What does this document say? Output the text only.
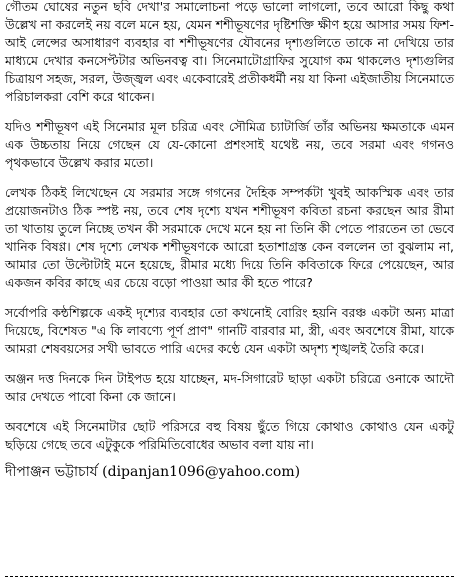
গৌতম ঘোষের নতুন ছবি দেখা'র সমালোচনা পড়ে ভালো লাগলো, তবে আরো কিছু কথা উল্লেখ না করলেই নয় বলে মনে হয়, যেমন শশীভূষণের দৃষ্টিশক্তি ক্ষীণ হয়ে আসার সময় ফিশ-আই লেন্সের অসাধারণ ব্যবহার বা শশীভূষণের যৌবনের দৃশ্যগুলিতে তাকে না দেখিয়ে তার মাধ্যমে দেখার কনসেপ্টটার অভিনবত্ব বা। সিনেমাটোগ্রাফির সুযোগ কম থাকলেও দৃশ্যগুলির চিত্রায়ণ সহজ, সরল, উজ্জ্বল এবং একেবারেই প্রতীকধর্মী নয় যা কিনা এইজাতীয় সিনেমাতে পরিচালকরা বেশি করে থাকেন।

যদিও শশীভূষণ এই সিনেমার মূল চরিত্র এবং সৌমিত্র চ্যাটার্জি তাঁর অভিনয় ক্ষমতাকে এমন এক উচ্চতায় নিয়ে গেছেন যে যে-কোনো প্রশংসাই যথেষ্ট নয়, তবে সরমা এবং গগনও পৃথকভাবে উল্লেখ করার মতো।

লেখক ঠিকই লিখেছেন যে সরমার সঙ্গে গগনের দৈহিক সম্পর্কটা খুবই আকস্মিক এবং তার প্রয়োজনটাও ঠিক স্পষ্ট নয়, তবে শেষ দৃশ্যে যখন শশীভূষণ কবিতা রচনা করছেন আর রীমা তা খাতায় তুলে নিচ্ছে তখন কী সরমাকে দেখে মনে হয় না তিনি কী পেতে পারতেন তা ভেবে খানিক বিষণ্ণ। শেষ দৃশ্যে লেখক শশীভূষণকে আরো হতাশাগ্রস্ত কেন বললেন তা বুঝলাম না, আমার তো উল্টোটাই মনে হয়েছে, রীমার মধ্যে দিয়ে তিনি কবিতাকে ফিরে পেয়েছেন, আর একজন কবির কাছে এর চেয়ে বড়ো পাওয়া আর কী হতে পারে?

সর্বোপরি কন্ঠশিল্পকে একই দৃশ্যের ব্যবহার তো কখনোই বোরিং হয়নি বরঞ্চ একটা অন্য মাত্রা দিয়েছে, বিশেষত "এ কি লাবণ্যে পূর্ণ প্রাণ" গানটি বারবার মা, স্ত্রী, এবং অবশেষে রীমা, যাকে আমরা শেষবয়সের সখী ভাবতে পারি এদের কণ্ঠে যেন একটা অদৃশ্য শৃঙ্খলই তৈরি করে।

অঞ্জন দত্ত দিনকে দিন টাইপড হয়ে যাচ্ছেন, মদ-সিগারেট ছাড়া একটা চরিত্রে ওনাকে আদৌ আর দেখতে পাবো কিনা কে জানে।

অবশেষে এই সিনেমাটার ছোট পরিসরে বহু বিষয় ছুঁতে গিয়ে কোথাও কোথাও যেন একটু ছড়িয়ে গেছে তবে এটুকুকে পরিমিতিবোধের অভাব বলা যায় না।

দীপাঞ্জন ভট্টাচার্য (dipanjan1096@yahoo.com)
